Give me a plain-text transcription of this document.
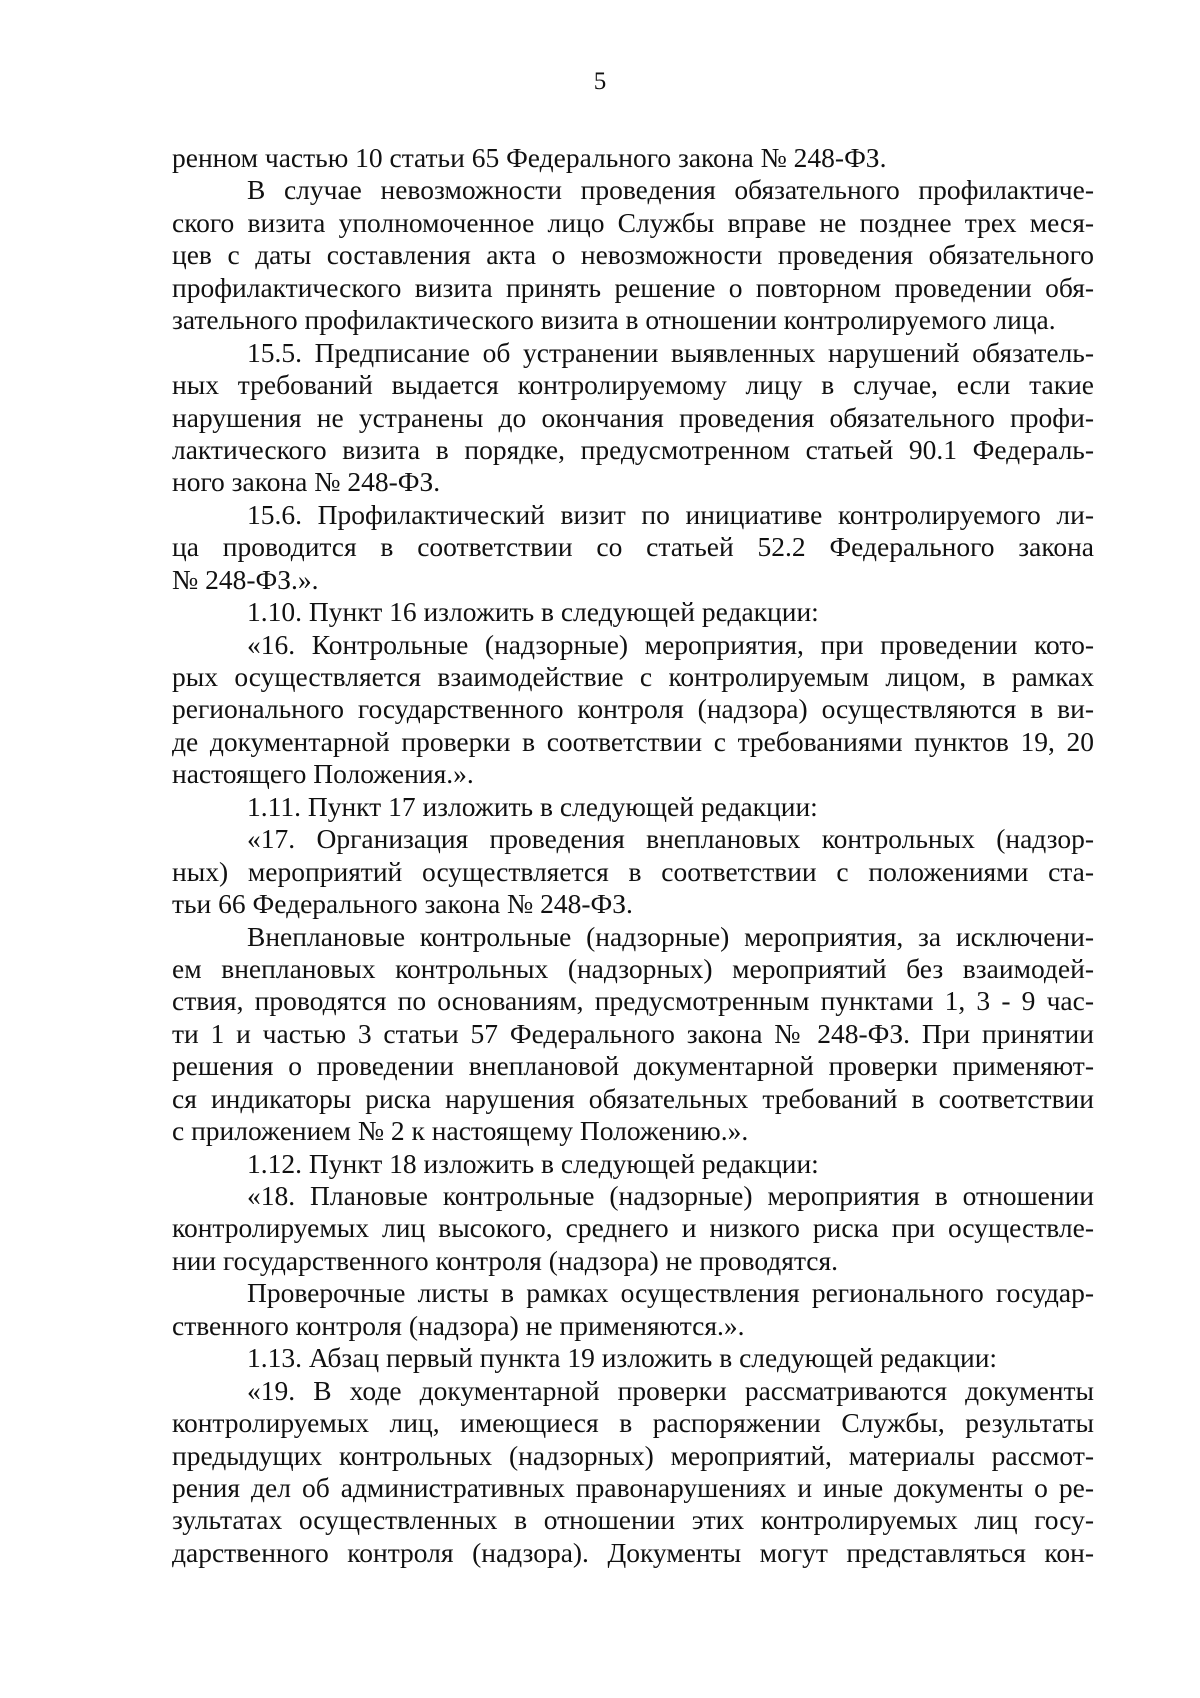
5
ренном частью 10 статьи 65 Федерального закона № 248-ФЗ.
В случае невозможности проведения обязательного профилактиче-
ского визита уполномоченное лицо Службы вправе не позднее трех меся-
цев с даты составления акта о невозможности проведения обязательного
профилактического визита принять решение о повторном проведении обя-
зательного профилактического визита в отношении контролируемого лица.
15.5. Предписание об устранении выявленных нарушений обязатель-
ных требований выдается контролируемому лицу в случае, если такие
нарушения не устранены до окончания проведения обязательного профи-
лактического визита в порядке, предусмотренном статьей 90.1 Федераль-
ного закона № 248-ФЗ.
15.6. Профилактический визит по инициативе контролируемого ли-
ца проводится в соответствии со статьей 52.2 Федерального закона
№ 248-ФЗ.».
1.10. Пункт 16 изложить в следующей редакции:
«16. Контрольные (надзорные) мероприятия, при проведении кото-
рых осуществляется взаимодействие с контролируемым лицом, в рамках
регионального государственного контроля (надзора) осуществляются в ви-
де документарной проверки в соответствии с требованиями пунктов 19, 20
настоящего Положения.».
1.11. Пункт 17 изложить в следующей редакции:
«17. Организация проведения внеплановых контрольных (надзор-
ных) мероприятий осуществляется в соответствии с положениями ста-
тьи 66 Федерального закона № 248-ФЗ.
Внеплановые контрольные (надзорные) мероприятия, за исключени-
ем внеплановых контрольных (надзорных) мероприятий без взаимодей-
ствия, проводятся по основаниям, предусмотренным пунктами 1, 3 - 9 час-
ти 1 и частью 3 статьи 57 Федерального закона № 248-ФЗ. При принятии
решения о проведении внеплановой документарной проверки применяют-
ся индикаторы риска нарушения обязательных требований в соответствии
с приложением № 2 к настоящему Положению.».
1.12. Пункт 18 изложить в следующей редакции:
«18. Плановые контрольные (надзорные) мероприятия в отношении
контролируемых лиц высокого, среднего и низкого риска при осуществле-
нии государственного контроля (надзора) не проводятся.
Проверочные листы в рамках осуществления регионального государ-
ственного контроля (надзора) не применяются.».
1.13. Абзац первый пункта 19 изложить в следующей редакции:
«19. В ходе документарной проверки рассматриваются документы
контролируемых лиц, имеющиеся в распоряжении Службы, результаты
предыдущих контрольных (надзорных) мероприятий, материалы рассмот-
рения дел об административных правонарушениях и иные документы о ре-
зультатах осуществленных в отношении этих контролируемых лиц госу-
дарственного контроля (надзора). Документы могут представляться кон-
